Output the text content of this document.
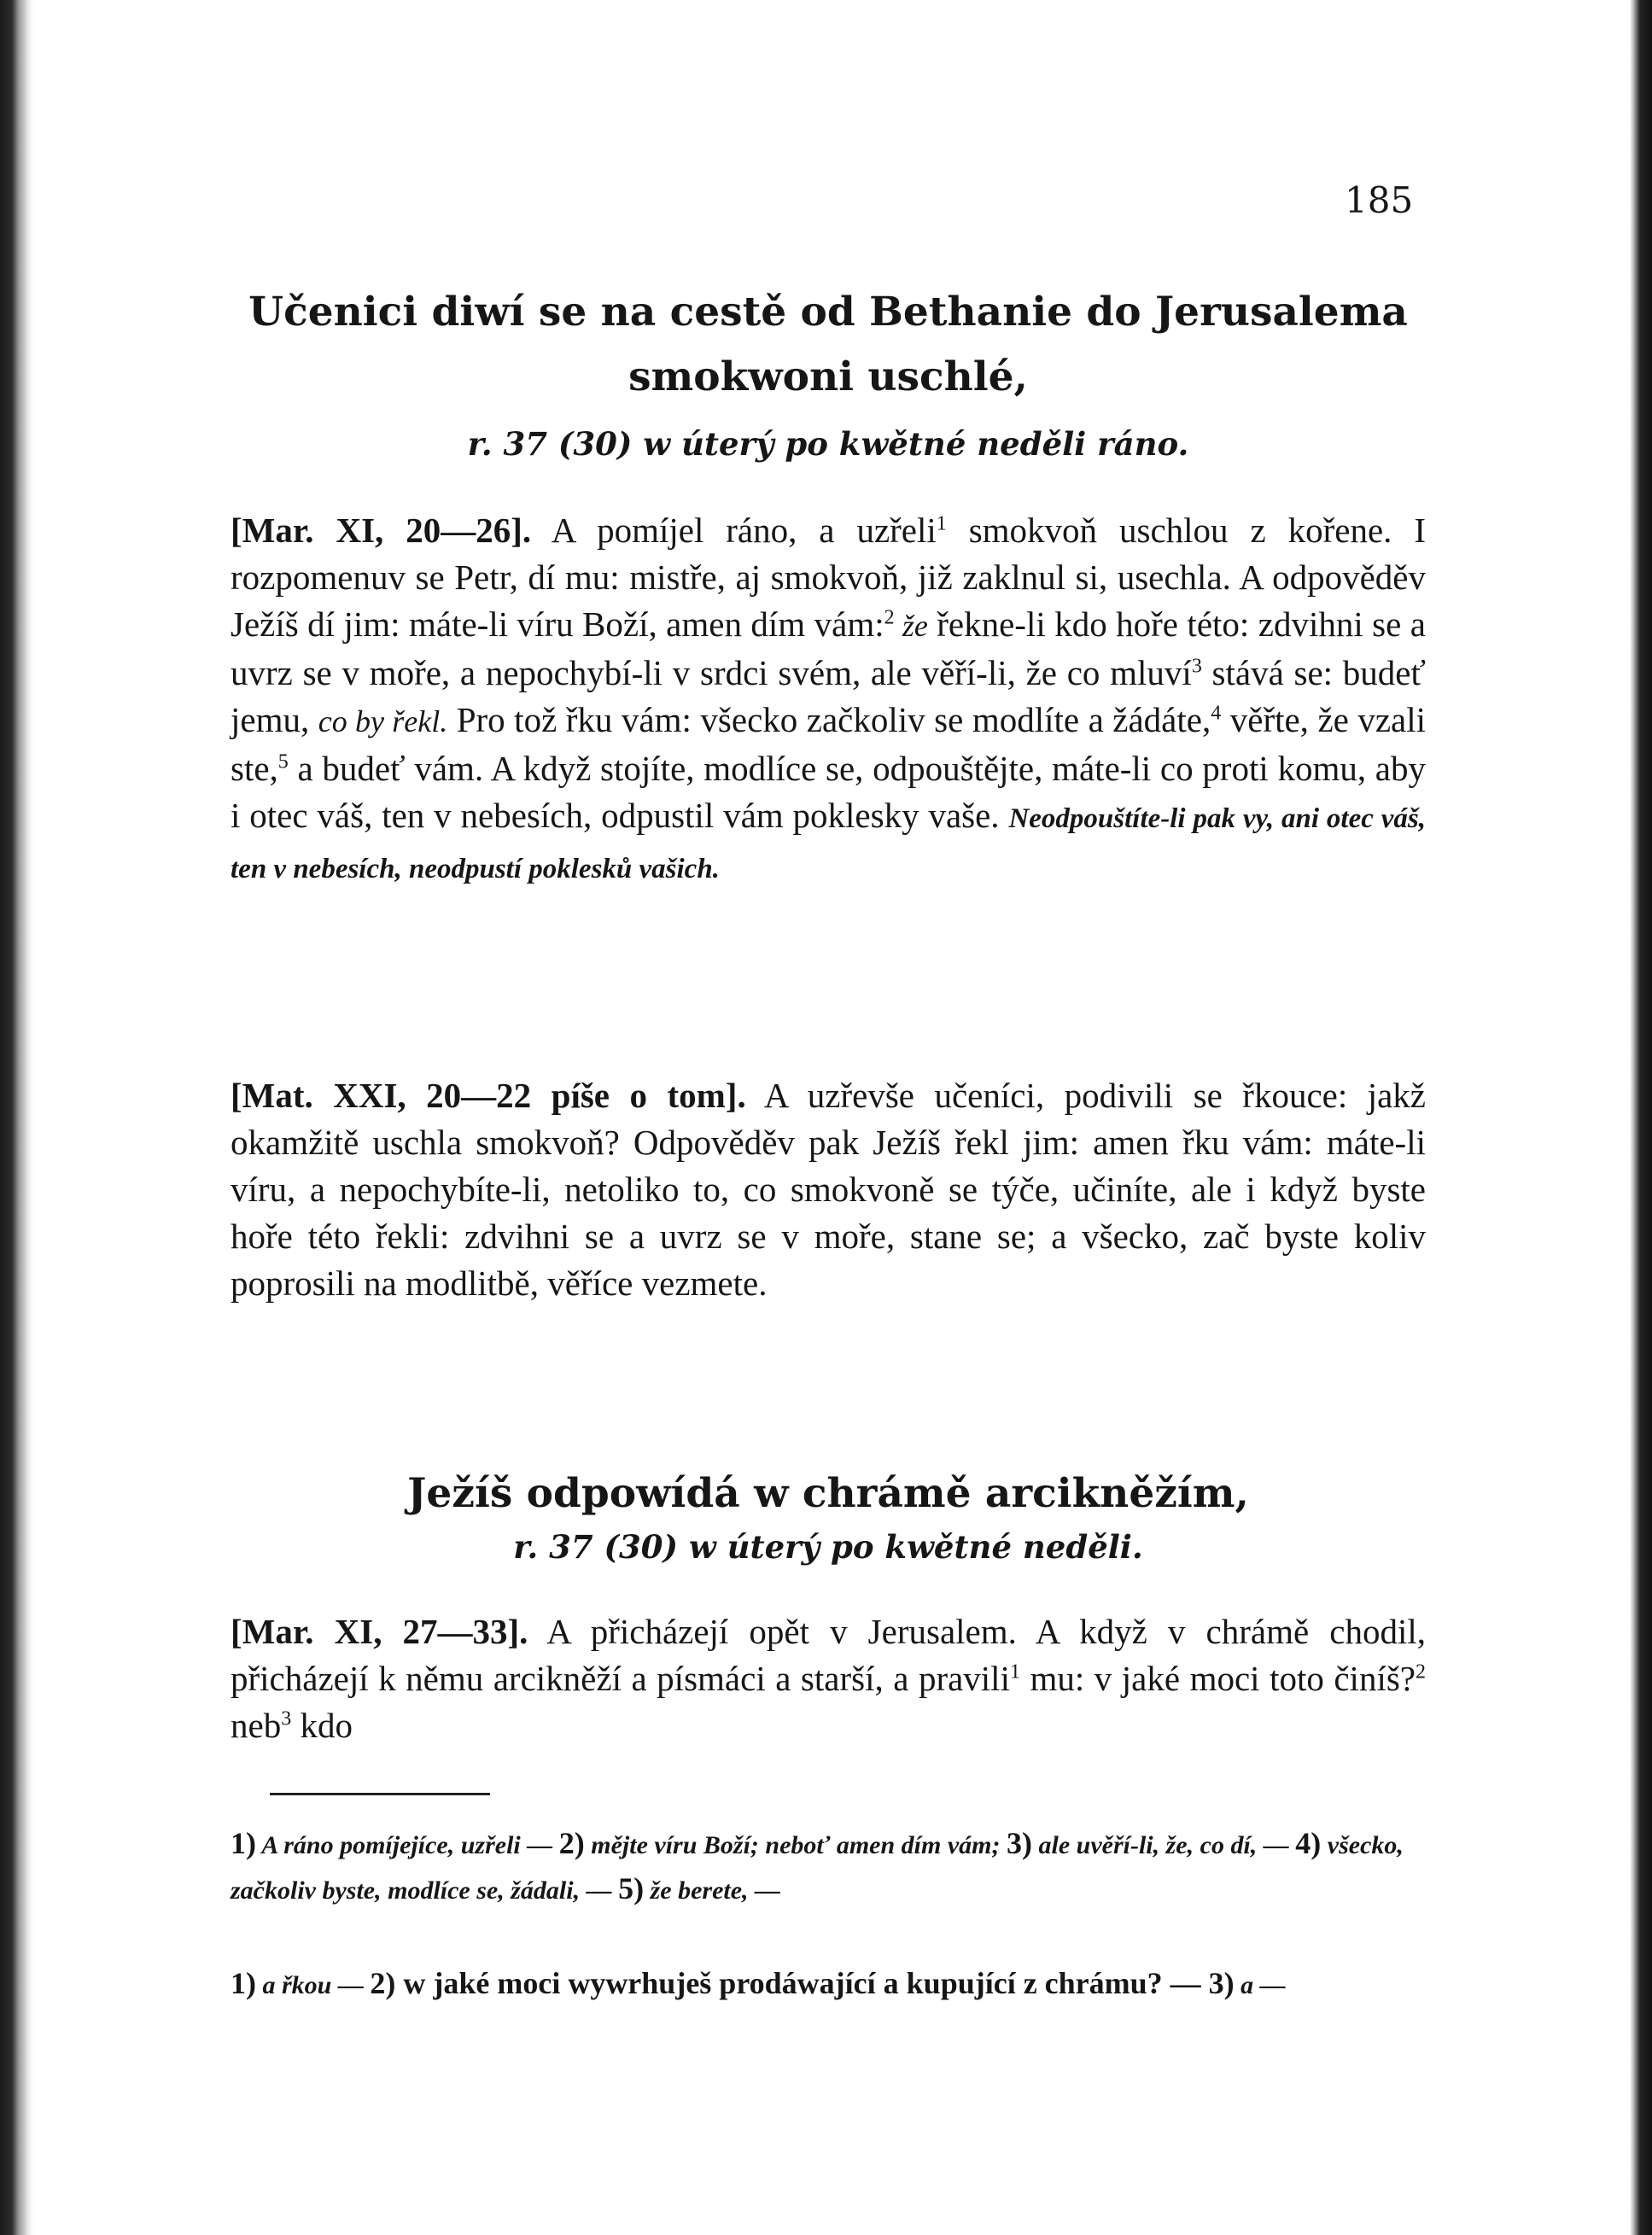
185
Učenici diwí se na cestě od Bethanie do Jerusalema
smokwoni uschlé,
r. 37 (30) w úterý po kwětné neděli ráno.

[Mar. XI, 20—26]. A pomíjel ráno, a uzřeli$^1$ smokvoň uschlou z kořene. I rozpomenuv se Petr, dí mu: mistře, aj smokvoň, již zaklnul si, usechla. A odpověděv Ježíš dí jim: máte-li víru Boží, amen dím vám:$^2$ že řekne-li kdo hoře této: zdvihni se a uvrz se v moře, a nepochybí-li v srdci svém, ale věří-li, že co mluví$^3$ stává se: budeť jemu, co by řekl. Pro tož řku vám: všecko začkoliv se modlíte a žádáte,$^4$ věřte, že vzali ste,$^5$ a budeť vám. A když stojíte, modlíce se, odpouštějte, máte-li co proti komu, aby i otec váš, ten v nebesích, odpustil vám poklesky vaše. Neodpouštíte-li pak vy, ani otec váš, ten v nebesích, neodpustí poklesků vašich.

[Mat. XXI, 20—22 píše o tom]. A uzřevše učeníci, podivili se řkouce: jakž okamžitě uschla smokvoň? Odpověděv pak Ježíš řekl jim: amen řku vám: máte-li víru, a nepochybíte-li, netoliko to, co smokvoně se týče, učiníte, ale i když byste hoře této řekli: zdvihni se a uvrz se v moře, stane se; a všecko, zač byste koliv poprosili na modlitbě, věříce vezmete.

Ježíš odpowídá w chrámě arcikněžím,
r. 37 (30) w úterý po kwětné neděli.

[Mar. XI, 27—33]. A přicházejí opět v Jerusalem. A když v chrámě chodil, přicházejí k němu arcikněží a písmáci a starší, a pravili$^1$ mu: v jaké moci toto činíš?$^2$ neb$^3$ kdo

1) A ráno pomíjejíce, uzřeli — 2) mějte víru Boží; neboť amen dím vám; 3) ale uvěří-li, že, co dí, — 4) všecko, začkoliv byste, modlíce se, žádali, — 5) že berete, —

1) a řkou — 2) w jaké moci wywrhuješ prodáwající a kupující z chrámu? — 3) a —
